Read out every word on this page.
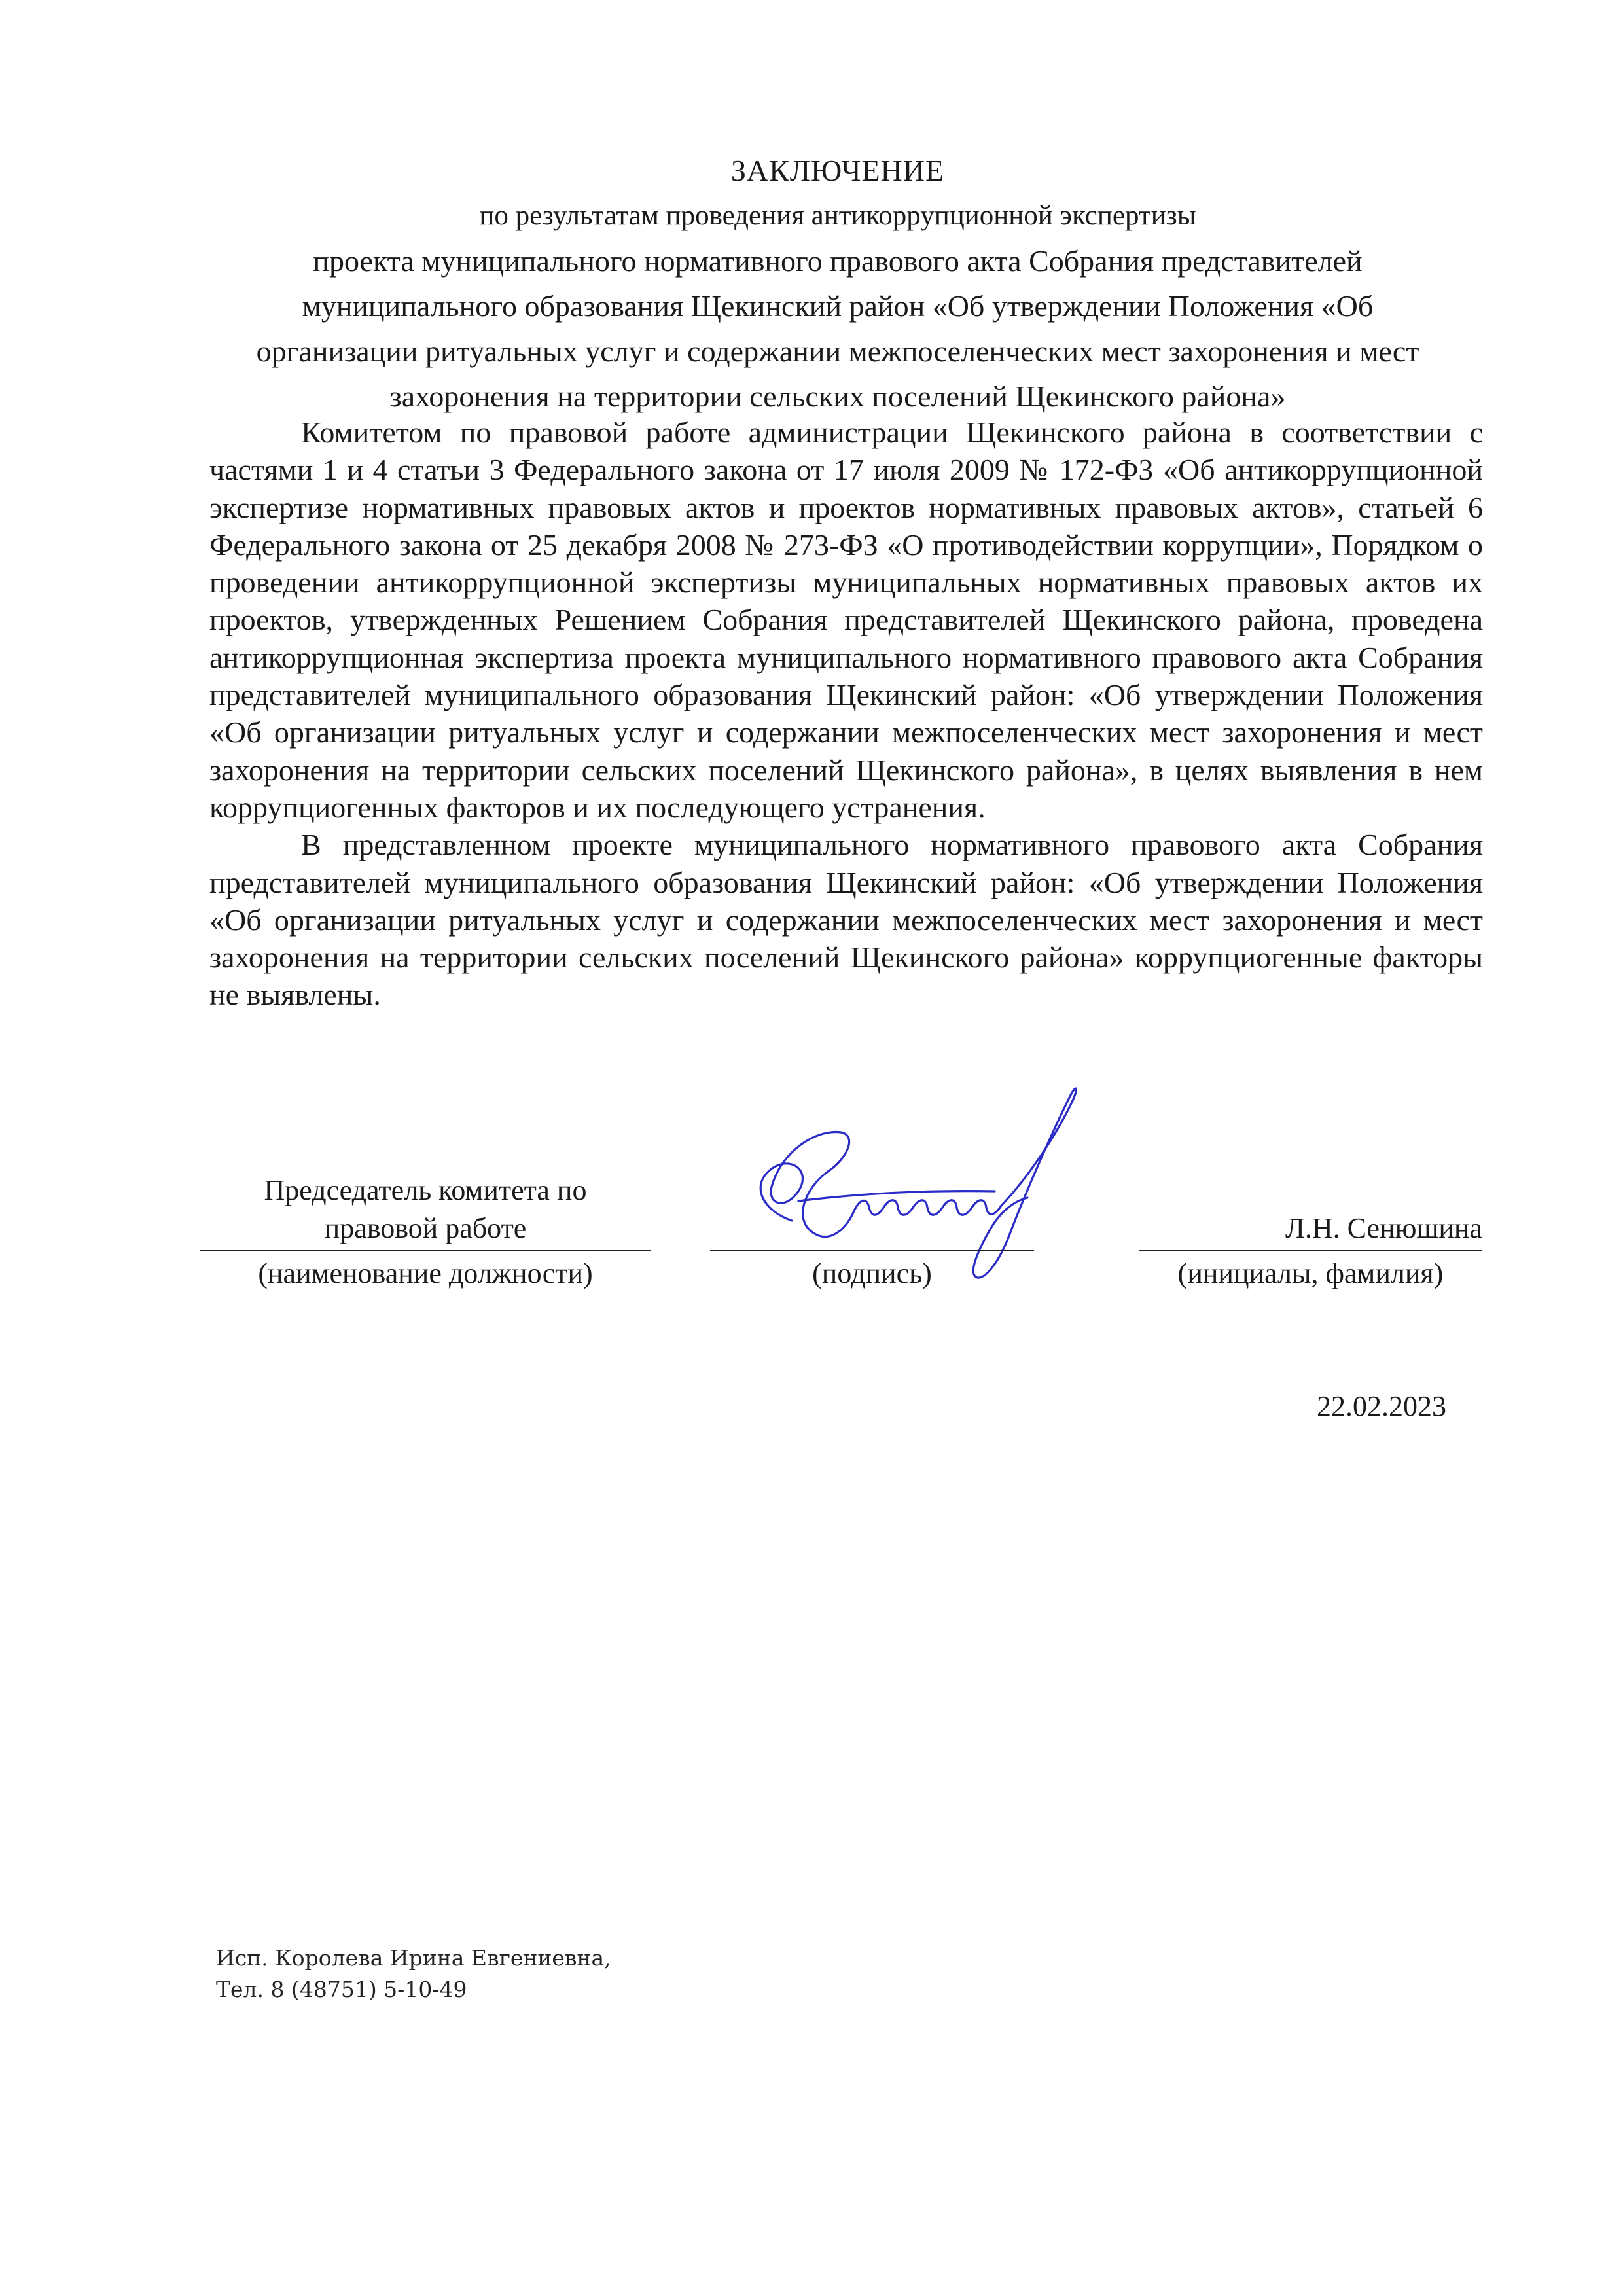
ЗАКЛЮЧЕНИЕ
по результатам проведения антикоррупционной экспертизы
проекта муниципального нормативного правового акта Собрания представителей
муниципального образования Щекинский район «Об утверждении Положения «Об
организации ритуальных услуг и содержании межпоселенческих мест захоронения и мест
захоронения на территории сельских поселений Щекинского района»

Комитетом по правовой работе администрации Щекинского района в соответствии с частями 1 и 4 статьи 3 Федерального закона от 17 июля 2009 № 172-ФЗ «Об антикоррупционной экспертизе нормативных правовых актов и проектов нормативных правовых актов», статьей 6 Федерального закона от 25 декабря 2008 № 273-ФЗ «О противодействии коррупции», Порядком о проведении антикоррупционной экспертизы муниципальных нормативных правовых актов их проектов, утвержденных Решением Собрания представителей Щекинского района, проведена антикоррупционная экспертиза проекта муниципального нормативного правового акта Собрания представителей муниципального образования Щекинский район: «Об утверждении Положения «Об организации ритуальных услуг и содержании межпоселенческих мест захоронения и мест захоронения на территории сельских поселений Щекинского района», в целях выявления в нем коррупциогенных факторов и их последующего устранения.

В представленном проекте муниципального нормативного правового акта Собрания представителей муниципального образования Щекинский район: «Об утверждении Положения «Об организации ритуальных услуг и содержании межпоселенческих мест захоронения и мест захоронения на территории сельских поселений Щекинского района» коррупциогенные факторы не выявлены.

Председатель комитета по
правовой работе
(наименование должности)	(подпись)
Л.Н. Сенюшина
(инициалы, фамилия)
22.02.2023
Исп. Королева Ирина Евгениевна,
Тел. 8 (48751) 5-10-49
